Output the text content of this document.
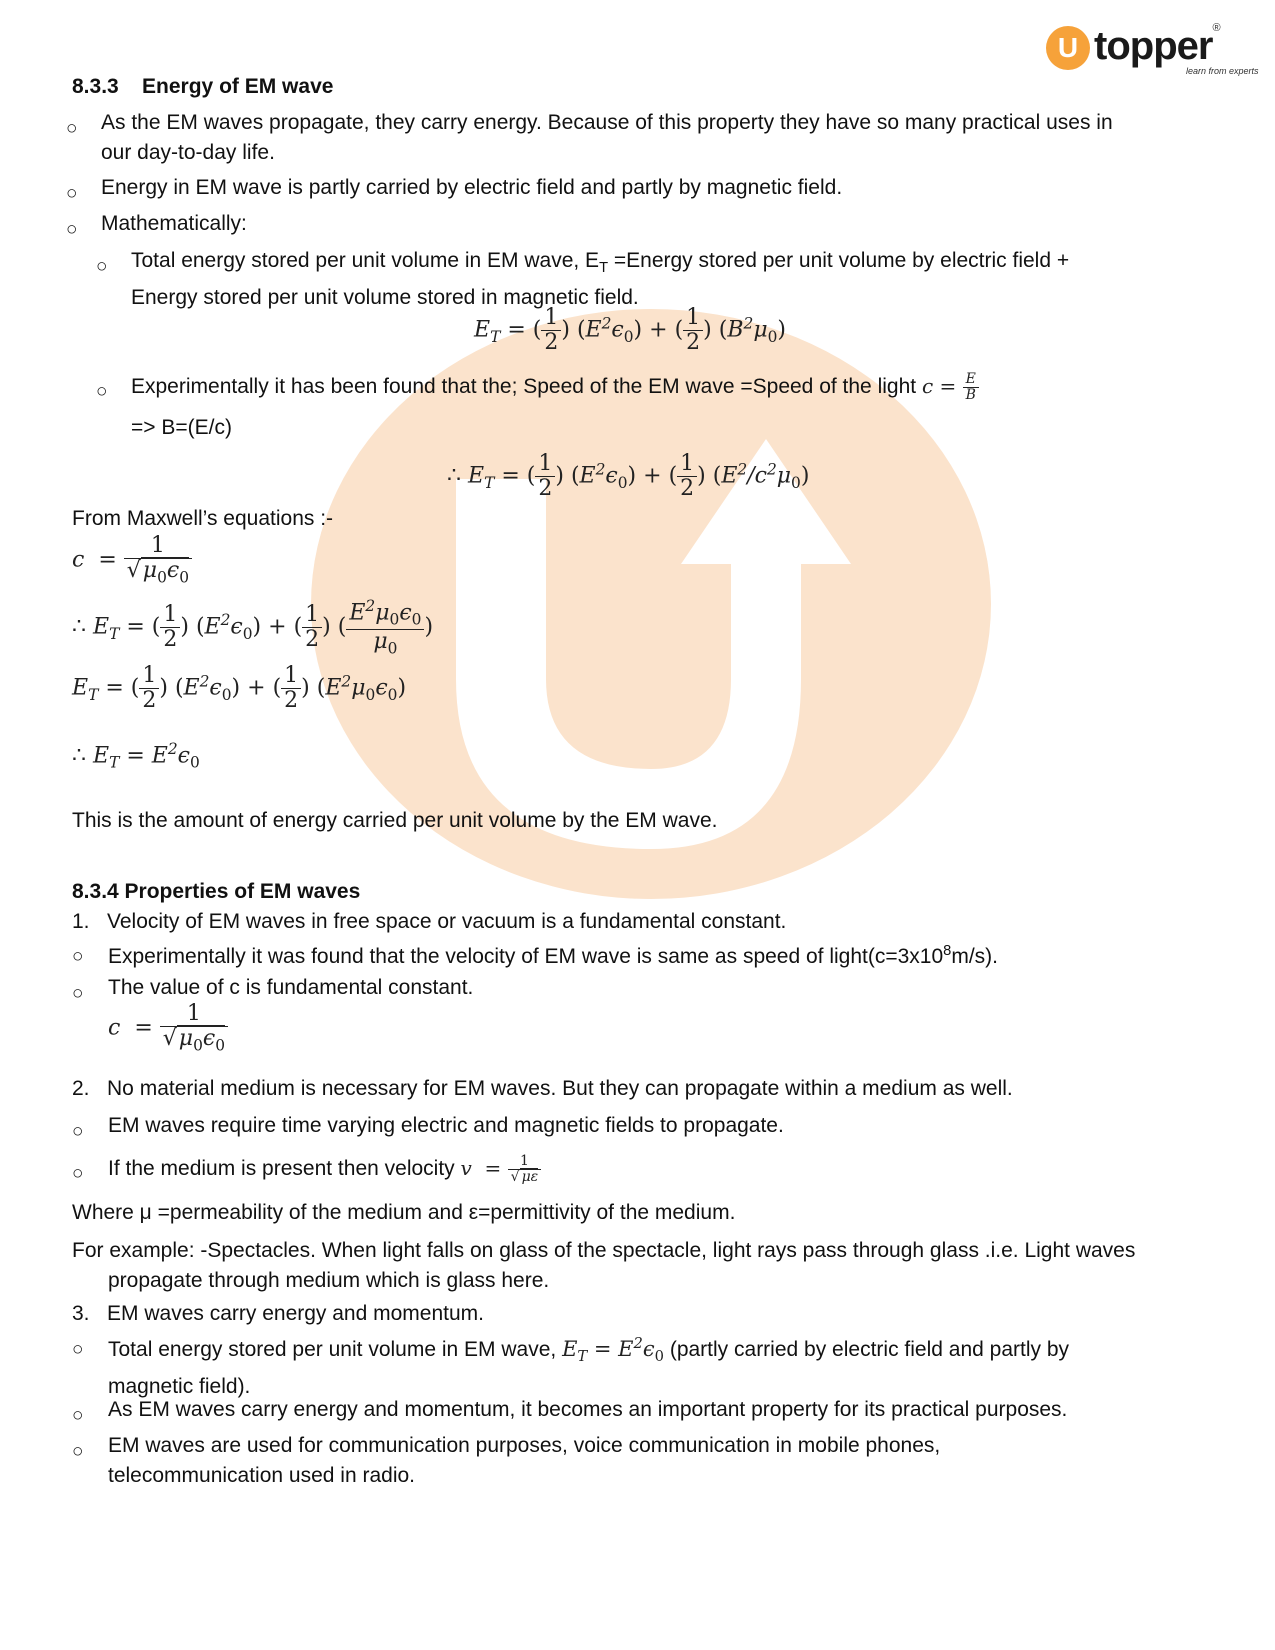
U topper ®
learn from experts
8.3.3    Energy of EM wave
○ As the EM waves propagate, they carry energy. Because of this property they have so many practical uses in our day-to-day life.
○ Energy in EM wave is partly carried by electric field and partly by magnetic field.
○ Mathematically:
○ Total energy stored per unit volume in EM wave, $E_T$ =Energy stored per unit volume by electric field + Energy stored per unit volume stored in magnetic field.
$E_T$ = ( $\frac{1}{2}$ ) $(E^2\epsilon_0)$ + ( $\frac{1}{2}$ ) $(B^2\mu_0)$
○ Experimentally it has been found that the; Speed of the EM wave =Speed of the light $c = \frac{E}{B}$
=> B=(E/c)
∴ $E_T$ = ( $\frac{1}{2}$ ) $(E^2\epsilon_0)$ + ( $\frac{1}{2}$ ) $(E^2/c^2\mu_0)$
From Maxwell’s equations :-
$c = \frac{1}{√\mu_0\epsilon_0}$
∴ $E_T$ = ( $\frac{1}{2}$ ) $(E^2\epsilon_0)$ + ( $\frac{1}{2}$ ) ( $\frac{E^2\mu_0\epsilon_0}{\mu_0}$ )
$E_T$ = ( $\frac{1}{2}$ ) $(E^2\epsilon_0)$ + ( $\frac{1}{2}$ ) $(E^2\mu_0\epsilon_0)$
∴ $E_T = E^2\epsilon_0$
This is the amount of energy carried per unit volume by the EM wave.
8.3.4 Properties of EM waves
1.   Velocity of EM waves in free space or vacuum is a fundamental constant.
○ Experimentally it was found that the velocity of EM wave is same as speed of $light(c=3x10^8m/s)$.
○ The value of c is fundamental constant.
$c = \frac{1}{√\mu_0\epsilon_0}$
2.   No material medium is necessary for EM waves. But they can propagate within a medium as well.
○ EM waves require time varying electric and magnetic fields to propagate.
○ If the medium is present then velocity $v = \frac{1}{√ \mu\varepsilon}$
Where μ =permeability of the medium and ε=permittivity of the medium.
For example: -Spectacles. When light falls on glass of the spectacle, light rays pass through glass .i.e. Light waves propagate through medium which is glass here.
3.   EM waves carry energy and momentum.
○ Total energy stored per unit volume in EM wave, $E_T = E^2\epsilon_0$ (partly carried by electric field and partly by magnetic field).
○ As EM waves carry energy and momentum, it becomes an important property for its practical purposes.
○ EM waves are used for communication purposes, voice communication in mobile phones, telecommunication used in radio.
